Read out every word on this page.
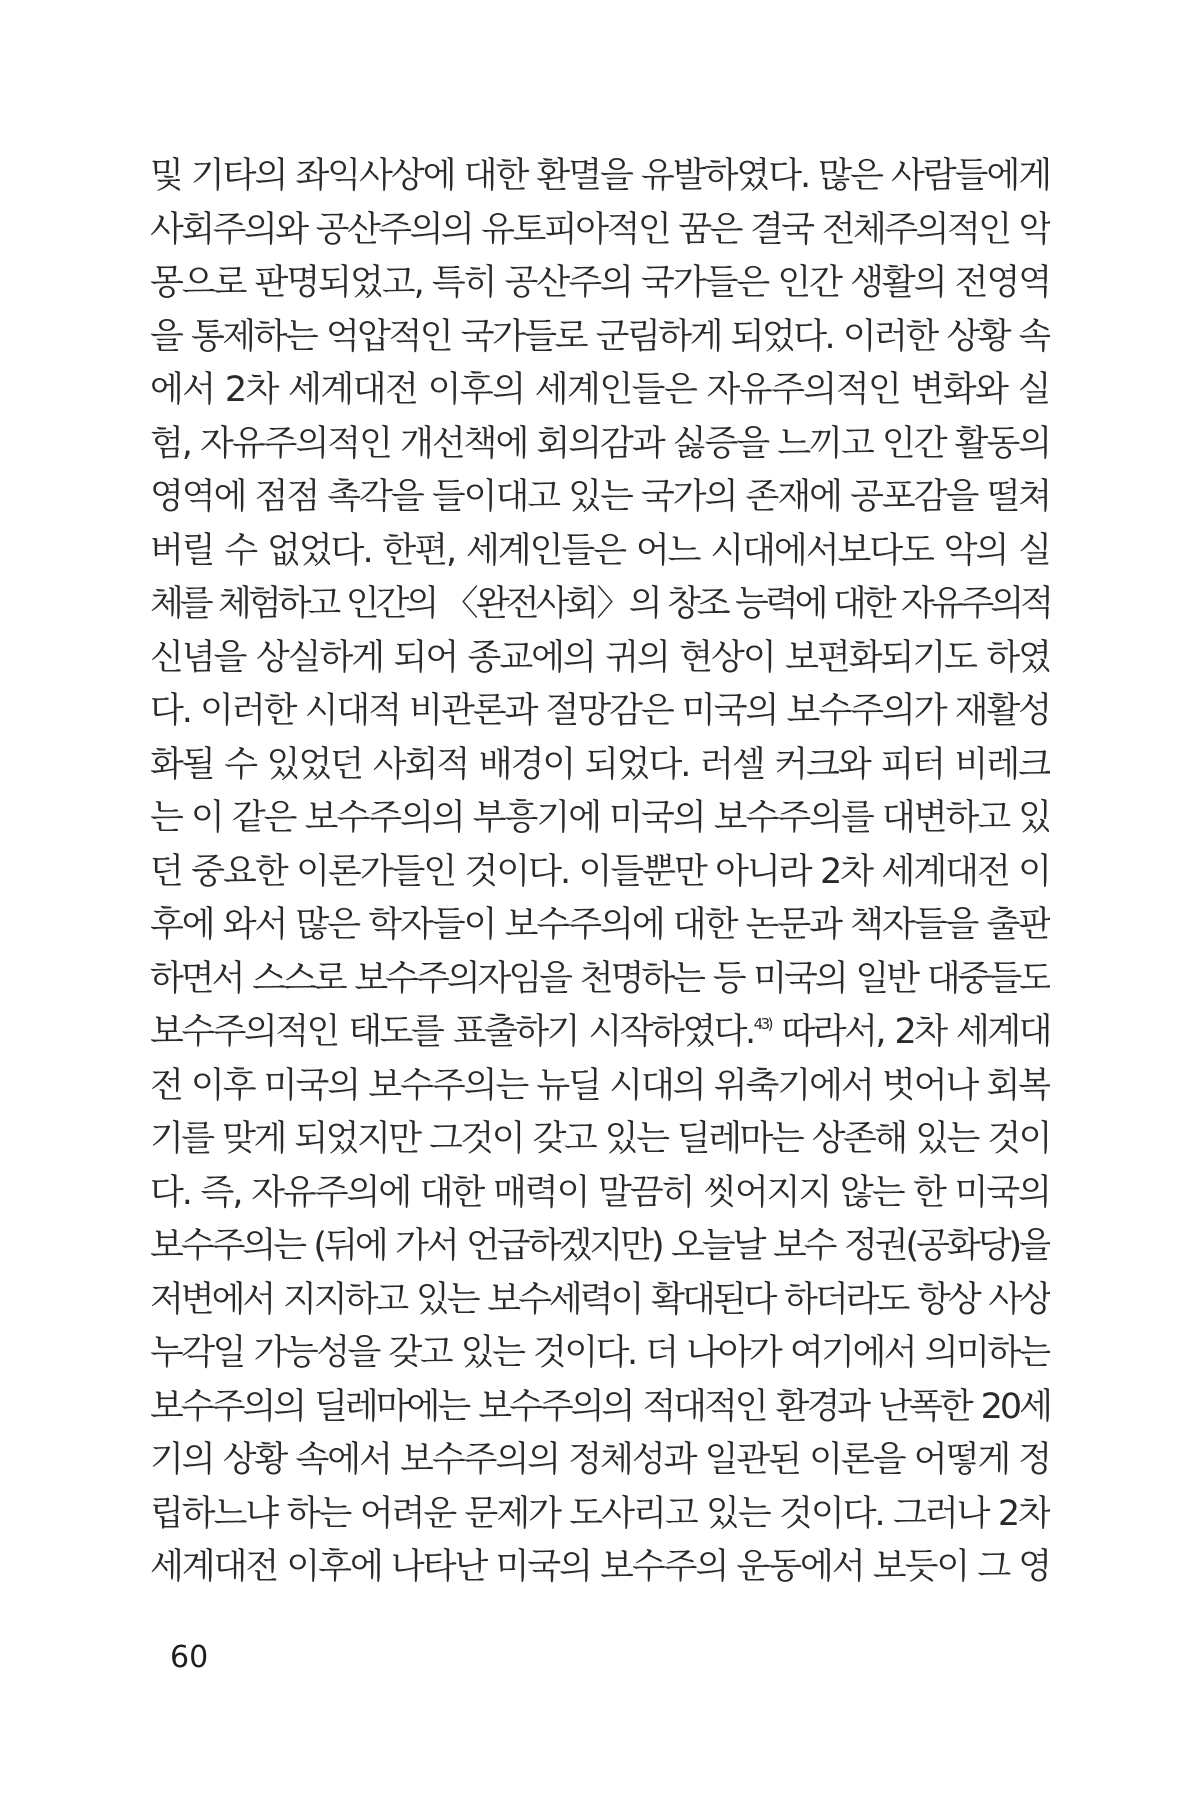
및 기타의 좌익사상에 대한 환멸을 유발하였다. 많은 사람들에게
사회주의와 공산주의의 유토피아적인 꿈은 결국 전체주의적인 악
몽으로 판명되었고, 특히 공산주의 국가들은 인간 생활의 전영역
을 통제하는 억압적인 국가들로 군림하게 되었다. 이러한 상황 속
에서 2차 세계대전 이후의 세계인들은 자유주의적인 변화와 실
험, 자유주의적인 개선책에 회의감과 싫증을 느끼고 인간 활동의
영역에 점점 촉각을 들이대고 있는 국가의 존재에 공포감을 떨쳐
버릴 수 없었다. 한편, 세계인들은 어느 시대에서보다도 악의 실
체를 체험하고 인간의 〈완전사회〉의 창조 능력에 대한 자유주의적
신념을 상실하게 되어 종교에의 귀의 현상이 보편화되기도 하였
다. 이러한 시대적 비관론과 절망감은 미국의 보수주의가 재활성
화될 수 있었던 사회적 배경이 되었다. 러셀 커크와 피터 비레크
는 이 같은 보수주의의 부흥기에 미국의 보수주의를 대변하고 있
던 중요한 이론가들인 것이다. 이들뿐만 아니라 2차 세계대전 이
후에 와서 많은 학자들이 보수주의에 대한 논문과 책자들을 출판
하면서 스스로 보수주의자임을 천명하는 등 미국의 일반 대중들도
보수주의적인 태도를 표출하기 시작하였다.$^{43)}$ 따라서, 2차 세계대
전 이후 미국의 보수주의는 뉴딜 시대의 위축기에서 벗어나 회복
기를 맞게 되었지만 그것이 갖고 있는 딜레마는 상존해 있는 것이
다. 즉, 자유주의에 대한 매력이 말끔히 씻어지지 않는 한 미국의
보수주의는 (뒤에 가서 언급하겠지만) 오늘날 보수 정권(공화당)을
저변에서 지지하고 있는 보수세력이 확대된다 하더라도 항상 사상
누각일 가능성을 갖고 있는 것이다. 더 나아가 여기에서 의미하는
보수주의의 딜레마에는 보수주의의 적대적인 환경과 난폭한 20세
기의 상황 속에서 보수주의의 정체성과 일관된 이론을 어떻게 정
립하느냐 하는 어려운 문제가 도사리고 있는 것이다. 그러나 2차
세계대전 이후에 나타난 미국의 보수주의 운동에서 보듯이 그 영

60
